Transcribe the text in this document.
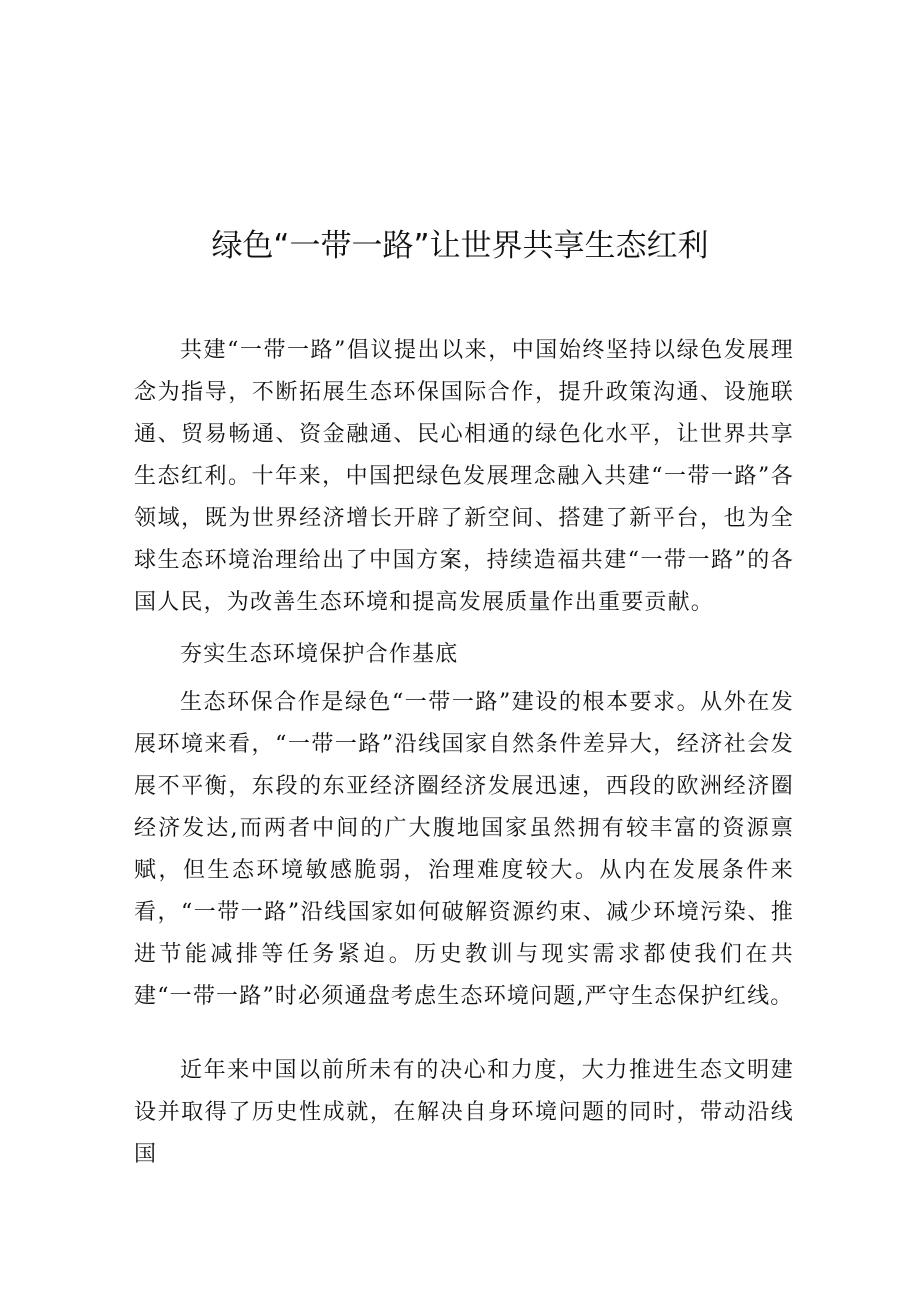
绿色“一带一路”让世界共享生态红利

共建“一带一路”倡议提出以来，中国始终坚持以绿色发展理念为指导，不断拓展生态环保国际合作，提升政策沟通、设施联通、贸易畅通、资金融通、民心相通的绿色化水平，让世界共享生态红利。十年来，中国把绿色发展理念融入共建“一带一路”各领域，既为世界经济增长开辟了新空间、搭建了新平台，也为全球生态环境治理给出了中国方案，持续造福共建“一带一路”的各国人民，为改善生态环境和提高发展质量作出重要贡献。

夯实生态环境保护合作基底

生态环保合作是绿色“一带一路”建设的根本要求。从外在发展环境来看，“一带一路”沿线国家自然条件差异大，经济社会发展不平衡，东段的东亚经济圈经济发展迅速，西段的欧洲经济圈经济发达,而两者中间的广大腹地国家虽然拥有较丰富的资源禀赋，但生态环境敏感脆弱，治理难度较大。从内在发展条件来看，“一带一路”沿线国家如何破解资源约束、减少环境污染、推进节能减排等任务紧迫。历史教训与现实需求都使我们在共建“一带一路”时必须通盘考虑生态环境问题,严守生态保护红线。

近年来中国以前所未有的决心和力度，大力推进生态文明建设并取得了历史性成就，在解决自身环境问题的同时，带动沿线国
